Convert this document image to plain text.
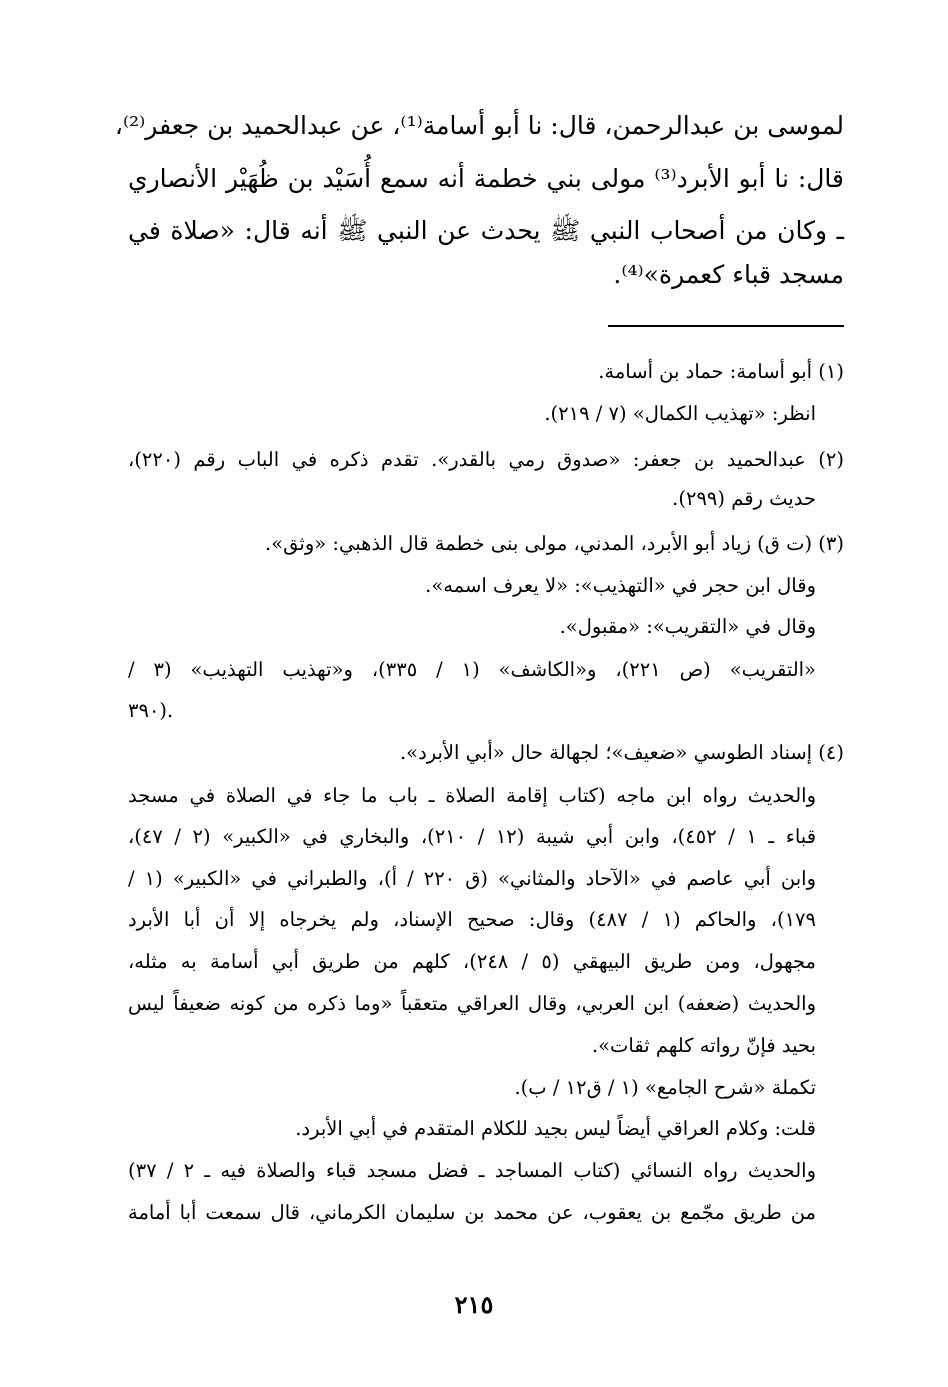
لموسى بن عبدالرحمن، قال: نا أبو أسامة⁽¹⁾، عن عبدالحميد بن جعفر⁽²⁾،
قال: نا أبو الأبرد⁽³⁾ مولى بني خطمة أنه سمع أُسَيْد بن ظُهَيْر الأنصاري
ـ وكان من أصحاب النبي ﷺ يحدث عن النبي ﷺ أنه قال: «صلاة في
مسجد قباء كعمرة»⁽⁴⁾.
(١) أبو أسامة: حماد بن أسامة.
انظر: «تهذيب الكمال» (٧ / ٢١٩).
(٢) عبدالحميد بن جعفر: «صدوق رمي بالقدر». تقدم ذكره في الباب رقم (٢٢٠)،
حديث رقم (٢٩٩).
(٣) (ت ق) زياد أبو الأبرد، المدني، مولى بنى خطمة قال الذهبي: «وثق».
وقال ابن حجر في «التهذيب»: «لا يعرف اسمه».
وقال في «التقريب»: «مقبول».
«التقريب» (ص ٢٢١)، و«الكاشف» (١ / ٣٣٥)، و«تهذيب التهذيب» (٣ /
٣٩٠).
(٤) إسناد الطوسي «ضعيف»؛ لجهالة حال «أبي الأبرد».
والحديث رواه ابن ماجه (كتاب إقامة الصلاة ـ باب ما جاء في الصلاة في مسجد
قباء ـ ١ / ٤٥٢)، وابن أبي شيبة (١٢ / ٢١٠)، والبخاري في «الكبير» (٢ / ٤٧)،
وابن أبي عاصم في «الآحاد والمثاني» (ق ٢٢٠ / أ)، والطبراني في «الكبير» (١ /
١٧٩)، والحاكم (١ / ٤٨٧) وقال: صحيح الإسناد، ولم يخرجاه إلا أن أبا الأبرد
مجهول، ومن طريق البيهقي (٥ / ٢٤٨)، كلهم من طريق أبي أسامة به مثله،
والحديث (ضعفه) ابن العربي، وقال العراقي متعقباً «وما ذكره من كونه ضعيفاً ليس
بحيد فإنّ رواته كلهم ثقات».
تكملة «شرح الجامع» (١ / ق١٢ / ب).
قلت: وكلام العراقي أيضاً ليس بجيد للكلام المتقدم في أبي الأبرد.
والحديث رواه النسائي (كتاب المساجد ـ فضل مسجد قباء والصلاة فيه ـ ٢ / ٣٧)
من طريق مجّمع بن يعقوب، عن محمد بن سليمان الكرماني، قال سمعت أبا أمامة
٢١٥
